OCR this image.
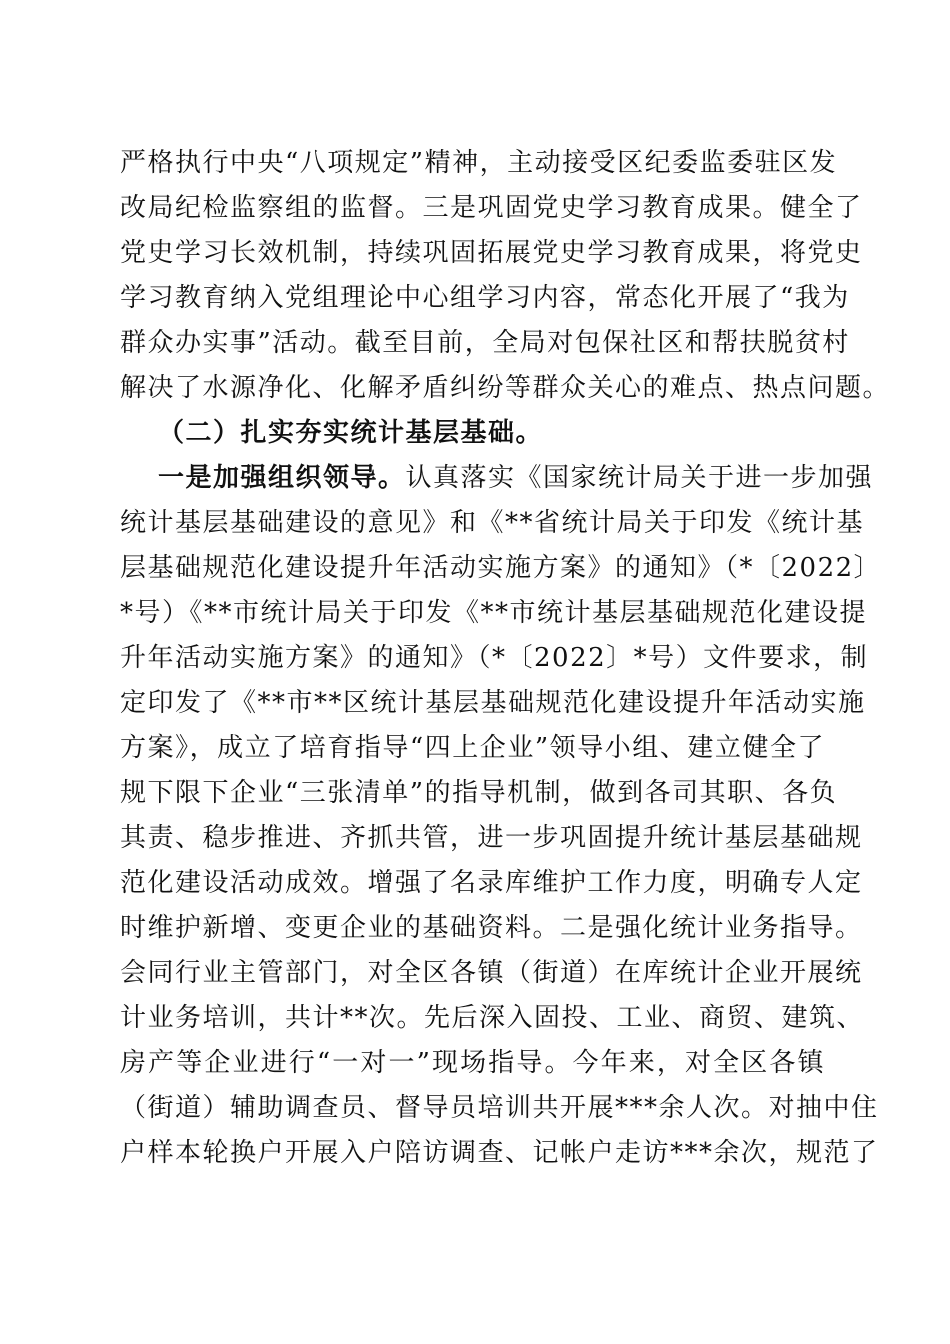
严格执行中央“八项规定”精神，主动接受区纪委监委驻区发
改局纪检监察组的监督。三是巩固党史学习教育成果。健全了
党史学习长效机制，持续巩固拓展党史学习教育成果，将党史
学习教育纳入党组理论中心组学习内容，常态化开展了“我为
群众办实事”活动。截至目前，全局对包保社区和帮扶脱贫村
解决了水源净化、化解矛盾纠纷等群众关心的难点、热点问题。
（二）扎实夯实统计基层基础。
一是加强组织领导。认真落实《国家统计局关于进一步加强
统计基层基础建设的意见》和《**省统计局关于印发《统计基
层基础规范化建设提升年活动实施方案》的通知》（*〔2022〕
*号）《**市统计局关于印发《**市统计基层基础规范化建设提
升年活动实施方案》的通知》（*〔2022〕*号）文件要求，制
定印发了《**市**区统计基层基础规范化建设提升年活动实施
方案》，成立了培育指导“四上企业”领导小组、建立健全了
规下限下企业“三张清单”的指导机制，做到各司其职、各负
其责、稳步推进、齐抓共管，进一步巩固提升统计基层基础规
范化建设活动成效。增强了名录库维护工作力度，明确专人定
时维护新增、变更企业的基础资料。二是强化统计业务指导。
会同行业主管部门，对全区各镇（街道）在库统计企业开展统
计业务培训，共计**次。先后深入固投、工业、商贸、建筑、
房产等企业进行“一对一”现场指导。今年来，对全区各镇
（街道）辅助调查员、督导员培训共开展***余人次。对抽中住
户样本轮换户开展入户陪访调查、记帐户走访***余次，规范了
